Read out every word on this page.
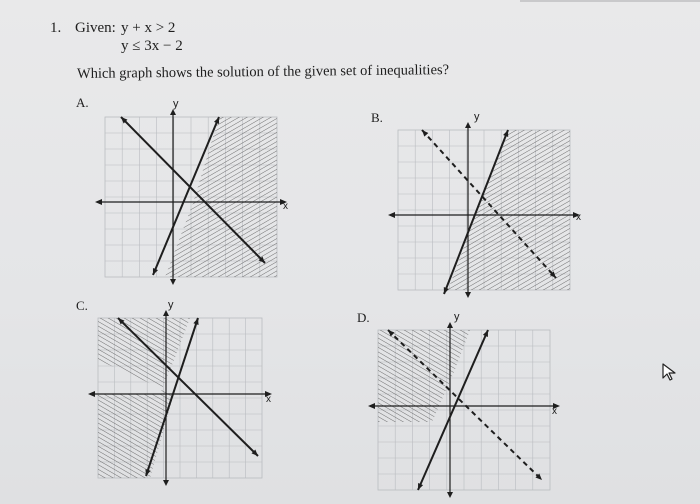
1. Given: y + x > 2
y ≤ 3x − 2
Which graph shows the solution of the given set of inequalities?
A.
x
y
B.
x
y
C.
x
y
D.
x
y
